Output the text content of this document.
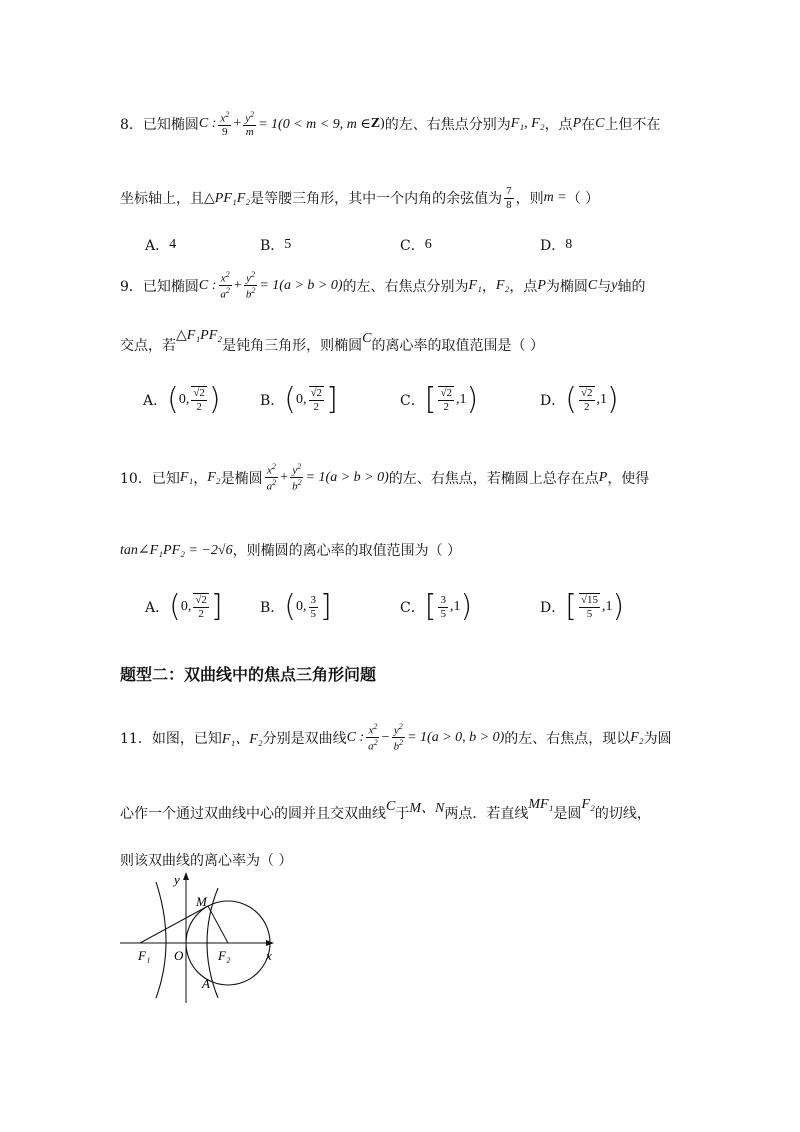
8．已知椭圆 C : $\frac{x^2}{9} + \frac{y^2}{m} = 1(0 < m < 9$, m ∈ Z ) 的左、右焦点分别为 F₁, F₂ ，点 P 在 C 上但不在
坐标轴上，且 △PF₁F₂ 是等腰三角形，其中一个内角的余弦值为 $\frac{7}{8}$ ，则 m = （ ）
A． 4	B． 5	C． 6	D． 8
9．已知椭圆 C : $\frac{x^2}{a^2} + \frac{y^2}{b^2} = 1(a > b > 0)$ 的左、右焦点分别为 F₁ ， F₂ ，点 P 为椭圆 C 与 y 轴的
交点，若
△F₁PF₂
是钝角三角形，则椭圆 C 的离心率的取值范围是（ ）
A． ( 0, $\frac{√2}{2}$ )	B． ( 0, $\frac{√2}{2}$ ]	C． [ $\frac{√2}{2} ,1$ )	D． ( $\frac{√2}{2} ,1$ )
10．已知 F₁ ， F₂ 是椭圆 $\frac{x^2}{a^2} + \frac{y^2}{b^2} = 1(a > b > 0)$ 的左、右焦点，若椭圆上总存在点 P ，使得
tan∠F₁PF₂ = −2√6 ，则椭圆的离心率的取值范围为（ ）
A． ( 0, $\frac{√2}{2}$ ]	B． ( 0, $\frac{3}{5}$ ]	C． [ $\frac{3}{5} ,1$ )	D． [ $\frac{√15}{5} ,1$ )
题型二：双曲线中的焦点三角形问题
11．如图，已知 F₁、F₂ 分别是双曲线 C : $\frac{x^2}{a^2} - \frac{y^2}{b^2} = 1(a > 0$, b > 0) 的左、右焦点，现以 F₂ 为圆
心作一个通过双曲线中心的圆并且交双曲线 C 于 M、N 两点．若直线
MF₁
是圆
F₂
的切线，
则该双曲线的离心率为（ ）
y
x
M
O
F₁	F₂
A
